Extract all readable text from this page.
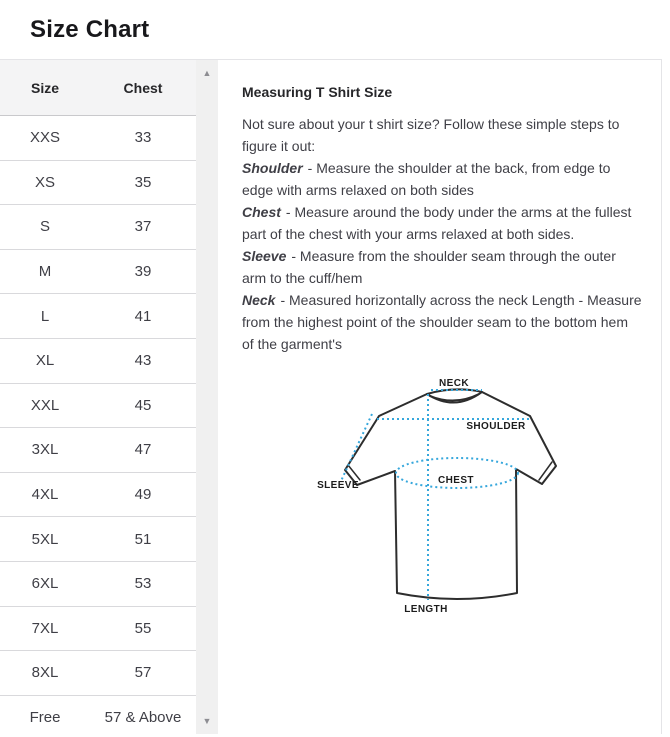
Size Chart
Size	Chest
XXS	33
XS	35
S	37
M	39
L	41
XL	43
XXL	45
3XL	47
4XL	49
5XL	51
6XL	53
7XL	55
8XL	57
Free	57 & Above
▲
▼
Measuring T Shirt Size
Not sure about your t shirt size? Follow these simple steps to figure it out:
Shoulder - Measure the shoulder at the back, from edge to edge with arms relaxed on both sides
Chest - Measure around the body under the arms at the fullest part of the chest with your arms relaxed at both sides.
Sleeve - Measure from the shoulder seam through the outer arm to the cuff/hem
Neck - Measured horizontally across the neck Length - Measure from the highest point of the shoulder seam to the bottom hem of the garment's
NECK
SHOULDER
SLEEVE	CHEST
LENGTH
